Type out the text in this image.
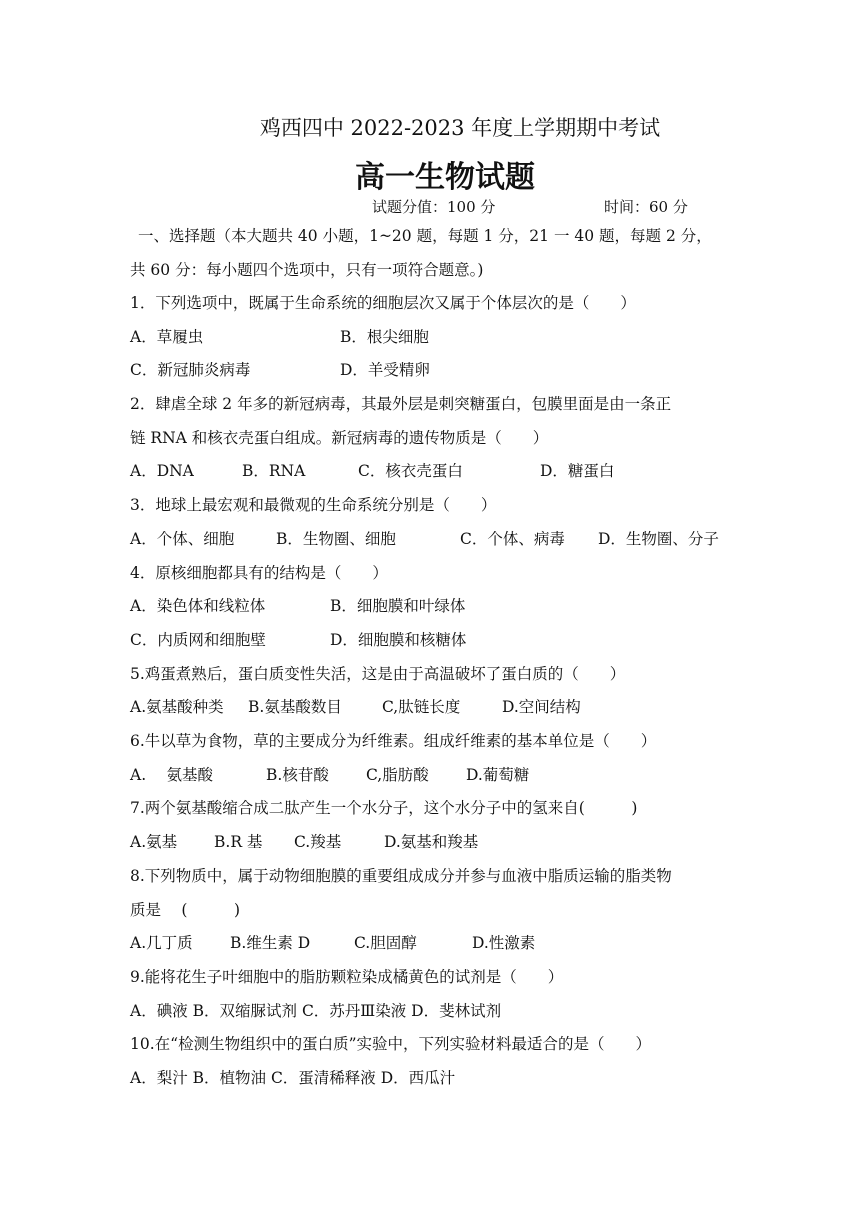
鸡西四中 2022-2023 年度上学期期中考试
高一生物试题
试题分值：100 分	时间：60 分
一、选择题（本大题共 40 小题，1~20 题，每题 1 分，21 一 40 题，每题 2 分，
共 60 分：每小题四个选项中，只有一项符合题意。)
1．下列选项中，既属于生命系统的细胞层次又属于个体层次的是（　　）
A．草履虫	B．根尖细胞
C．新冠肺炎病毒	D．羊受精卵
2．肆虐全球 2 年多的新冠病毒，其最外层是刺突糖蛋白，包膜里面是由一条正
链 RNA 和核衣壳蛋白组成。新冠病毒的遗传物质是（　　）
A．DNA	B．RNA	C．核衣壳蛋白	D．糖蛋白
3．地球上最宏观和最微观的生命系统分别是（　　）
A．个体、细胞	B．生物圈、细胞	C．个体、病毒 D．生物圈、分子
4．原核细胞都具有的结构是（　　）
A．染色体和线粒体	B．细胞膜和叶绿体
C．内质网和细胞壁	D．细胞膜和核糖体
5.鸡蛋煮熟后，蛋白质变性失活，这是由于高温破坏了蛋白质的（　　）
A.氨基酸种类 B.氨基酸数目	C,肽链长度	D.空间结构
6.牛以草为食物，草的主要成分为纤维素。组成纤维素的基本单位是（　　）
A.　 氨基酸	B.核苷酸 C,脂肪酸 D.葡萄糖
7.两个氨基酸缩合成二肽产生一个水分子，这个水分子中的氢来自(　　　)
A.氨基 B.R 基 C.羧基	D.氨基和羧基
8.下列物质中，属于动物细胞膜的重要组成成分并参与血液中脂质运输的脂类物
质是　 (　　　)
A.几丁质 B.维生素 D	C.胆固醇	D.性激素
9.能将花生子叶细胞中的脂肪颗粒染成橘黄色的试剂是（　　）
A．碘液 B．双缩脲试剂 C．苏丹Ⅲ染液 D．斐林试剂
10.在“检测生物组织中的蛋白质”实验中，下列实验材料最适合的是（　　）
A．梨汁 B．植物油 C．蛋清稀释液 D．西瓜汁
